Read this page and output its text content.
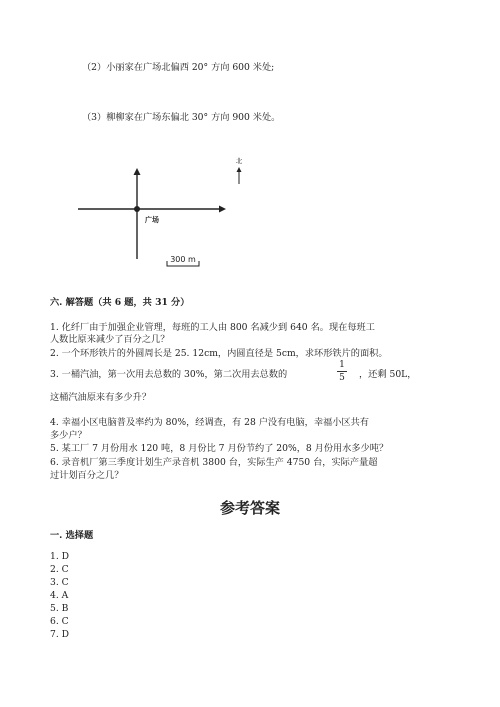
（2）小丽家在广场北偏西 20° 方向 600 米处;
（3）柳柳家在广场东偏北 30° 方向 900 米处。
北
广场
300 m
六. 解答题（共 6 题，共 31 分）
1. 化纤厂由于加强企业管理，每班的工人由 800 名减少到 640 名。现在每班工
人数比原来减少了百分之几？
2. 一个环形铁片的外圆周长是 25. 12cm，内圆直径是 5cm，求环形铁片的面积。
3. 一桶汽油，第一次用去总数的 30%，第二次用去总数的
1
5 ，还剩 50L，
这桶汽油原来有多少升？
4. 幸福小区电脑普及率约为 80%，经调查，有 28 户没有电脑，幸福小区共有
多少户？
5. 某工厂 7 月份用水 120 吨，8 月份比 7 月份节约了 20%，8 月份用水多少吨？
6. 录音机厂第三季度计划生产录音机 3800 台，实际生产 4750 台，实际产量超
过计划百分之几？
参考答案
一. 选择题
1. D
2. C
3. C
4. A
5. B
6. C
7. D
